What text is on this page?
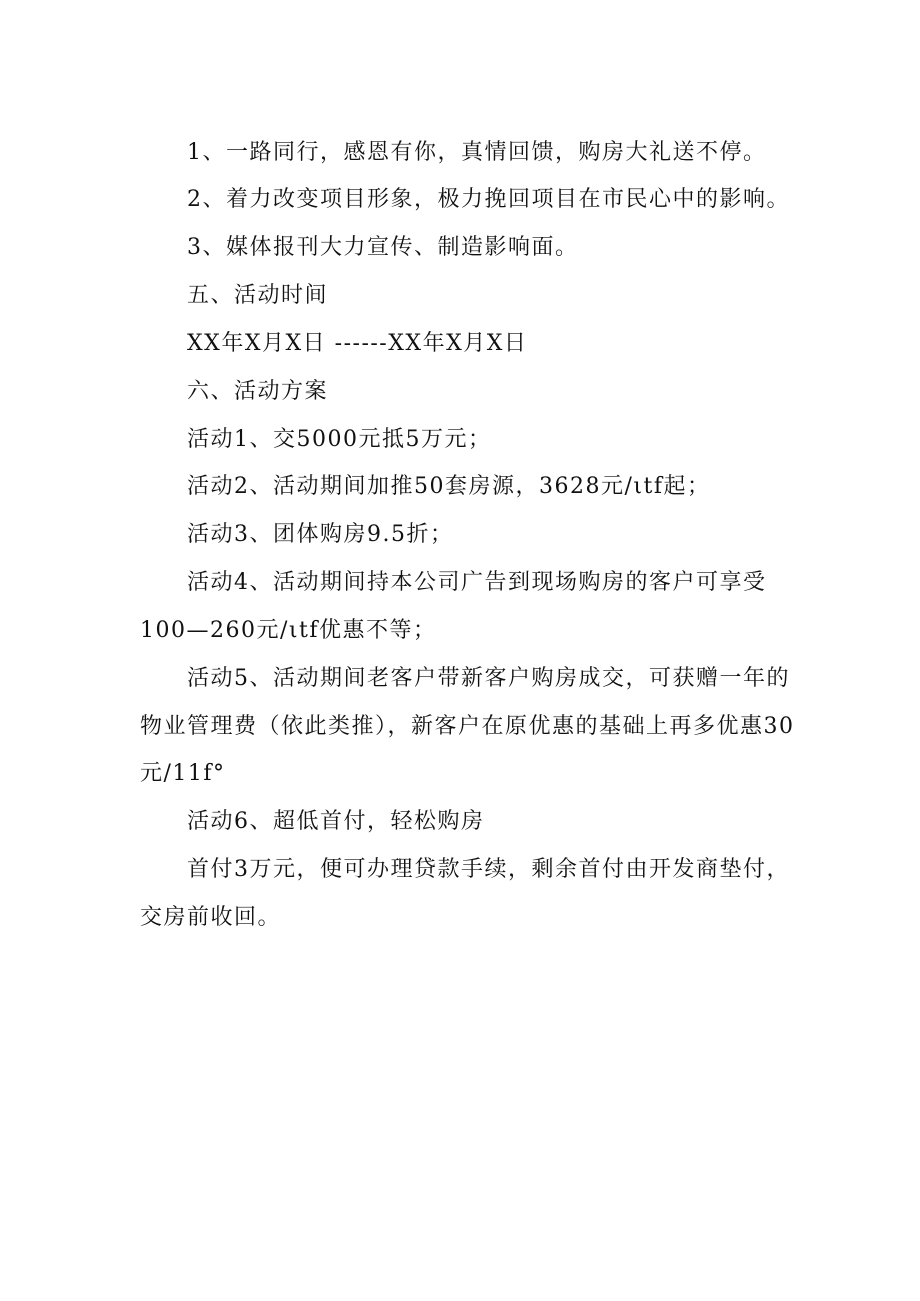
1、一路同行，感恩有你，真情回馈，购房大礼送不停。
2、着力改变项目形象，极力挽回项目在市民心中的影响。
3、媒体报刊大力宣传、制造影响面。
五、活动时间
XX年X月X日 ------XX年X月X日
六、活动方案
活动1、交5000元抵5万元；
活动2、活动期间加推50套房源，3628元/ιtf起；
活动3、团体购房9.5折；
活动4、活动期间持本公司广告到现场购房的客户可享受
100—260元/ιtf优惠不等；
活动5、活动期间老客户带新客户购房成交，可获赠一年的
物业管理费（依此类推），新客户在原优惠的基础上再多优惠30
元/11f°
活动6、超低首付，轻松购房
首付3万元，便可办理贷款手续，剩余首付由开发商垫付，
交房前收回。
